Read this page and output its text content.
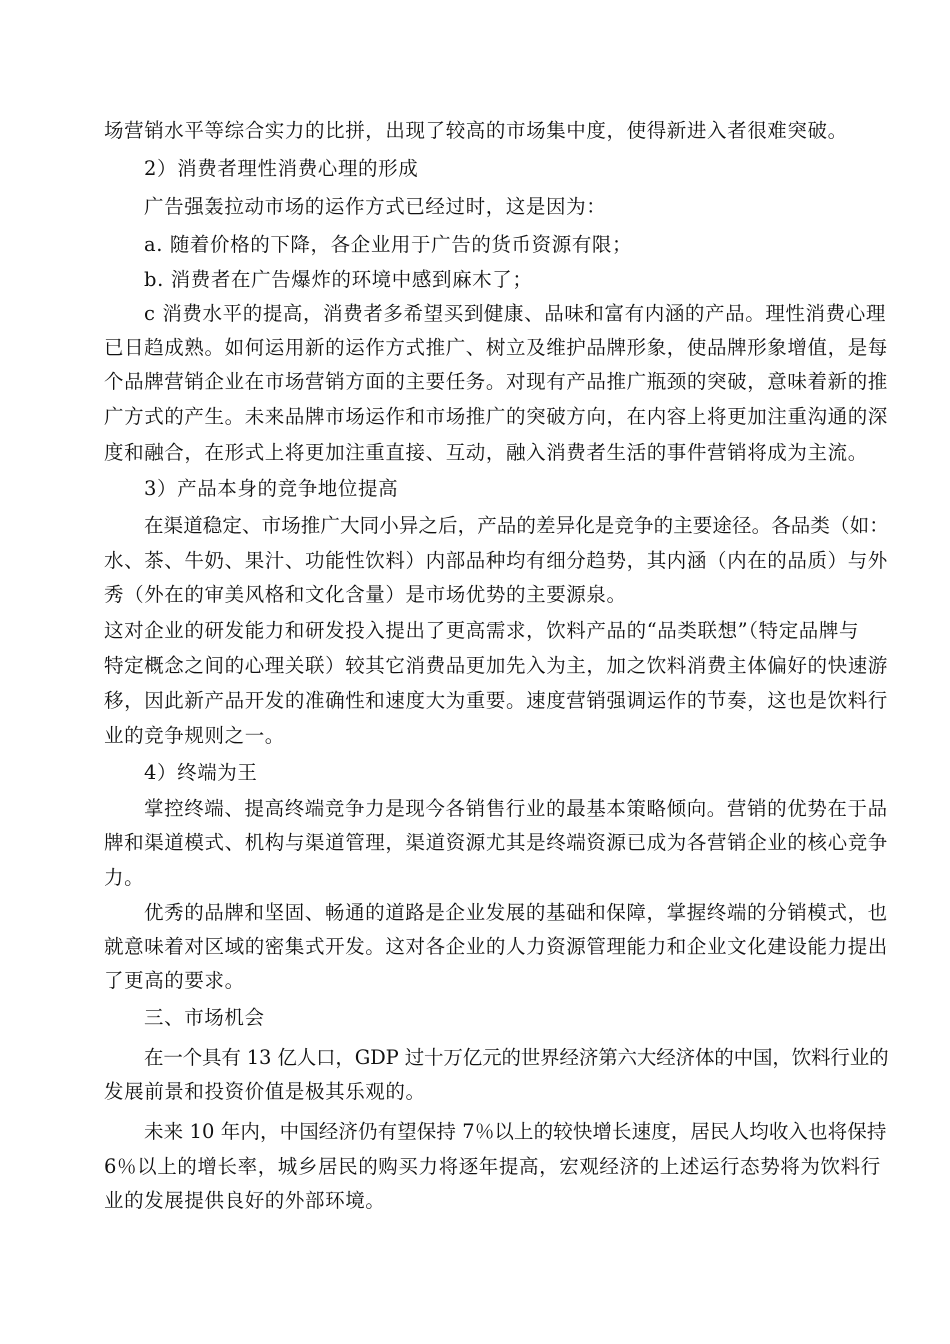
场营销水平等综合实力的比拼，出现了较高的市场集中度，使得新进入者很难突破。
2）消费者理性消费心理的形成
广告强轰拉动市场的运作方式已经过时，这是因为：
a. 随着价格的下降，各企业用于广告的货币资源有限；
b. 消费者在广告爆炸的环境中感到麻木了；
c 消费水平的提高，消费者多希望买到健康、品味和富有内涵的产品。理性消费心理
已日趋成熟。如何运用新的运作方式推广、树立及维护品牌形象，使品牌形象增值，是每
个品牌营销企业在市场营销方面的主要任务。对现有产品推广瓶颈的突破，意味着新的推
广方式的产生。未来品牌市场运作和市场推广的突破方向，在内容上将更加注重沟通的深
度和融合，在形式上将更加注重直接、互动，融入消费者生活的事件营销将成为主流。
3）产品本身的竞争地位提高
在渠道稳定、市场推广大同小异之后，产品的差异化是竞争的主要途径。各品类（如：
水、茶、牛奶、果汁、功能性饮料）内部品种均有细分趋势，其内涵（内在的品质）与外
秀（外在的审美风格和文化含量）是市场优势的主要源泉。
这对企业的研发能力和研发投入提出了更高需求，饮料产品的“品类联想”（特定品牌与
特定概念之间的心理关联）较其它消费品更加先入为主，加之饮料消费主体偏好的快速游
移，因此新产品开发的准确性和速度大为重要。速度营销强调运作的节奏，这也是饮料行
业的竞争规则之一。
4）终端为王
掌控终端、提高终端竞争力是现今各销售行业的最基本策略倾向。营销的优势在于品
牌和渠道模式、机构与渠道管理，渠道资源尤其是终端资源已成为各营销企业的核心竞争
力。
优秀的品牌和坚固、畅通的道路是企业发展的基础和保障，掌握终端的分销模式，也
就意味着对区域的密集式开发。这对各企业的人力资源管理能力和企业文化建设能力提出
了更高的要求。
三、市场机会
在一个具有 13 亿人口，GDP 过十万亿元的世界经济第六大经济体的中国，饮料行业的
发展前景和投资价值是极其乐观的。
未来 10 年内，中国经济仍有望保持 7％以上的较快增长速度，居民人均收入也将保持
6％以上的增长率，城乡居民的购买力将逐年提高，宏观经济的上述运行态势将为饮料行
业的发展提供良好的外部环境。
